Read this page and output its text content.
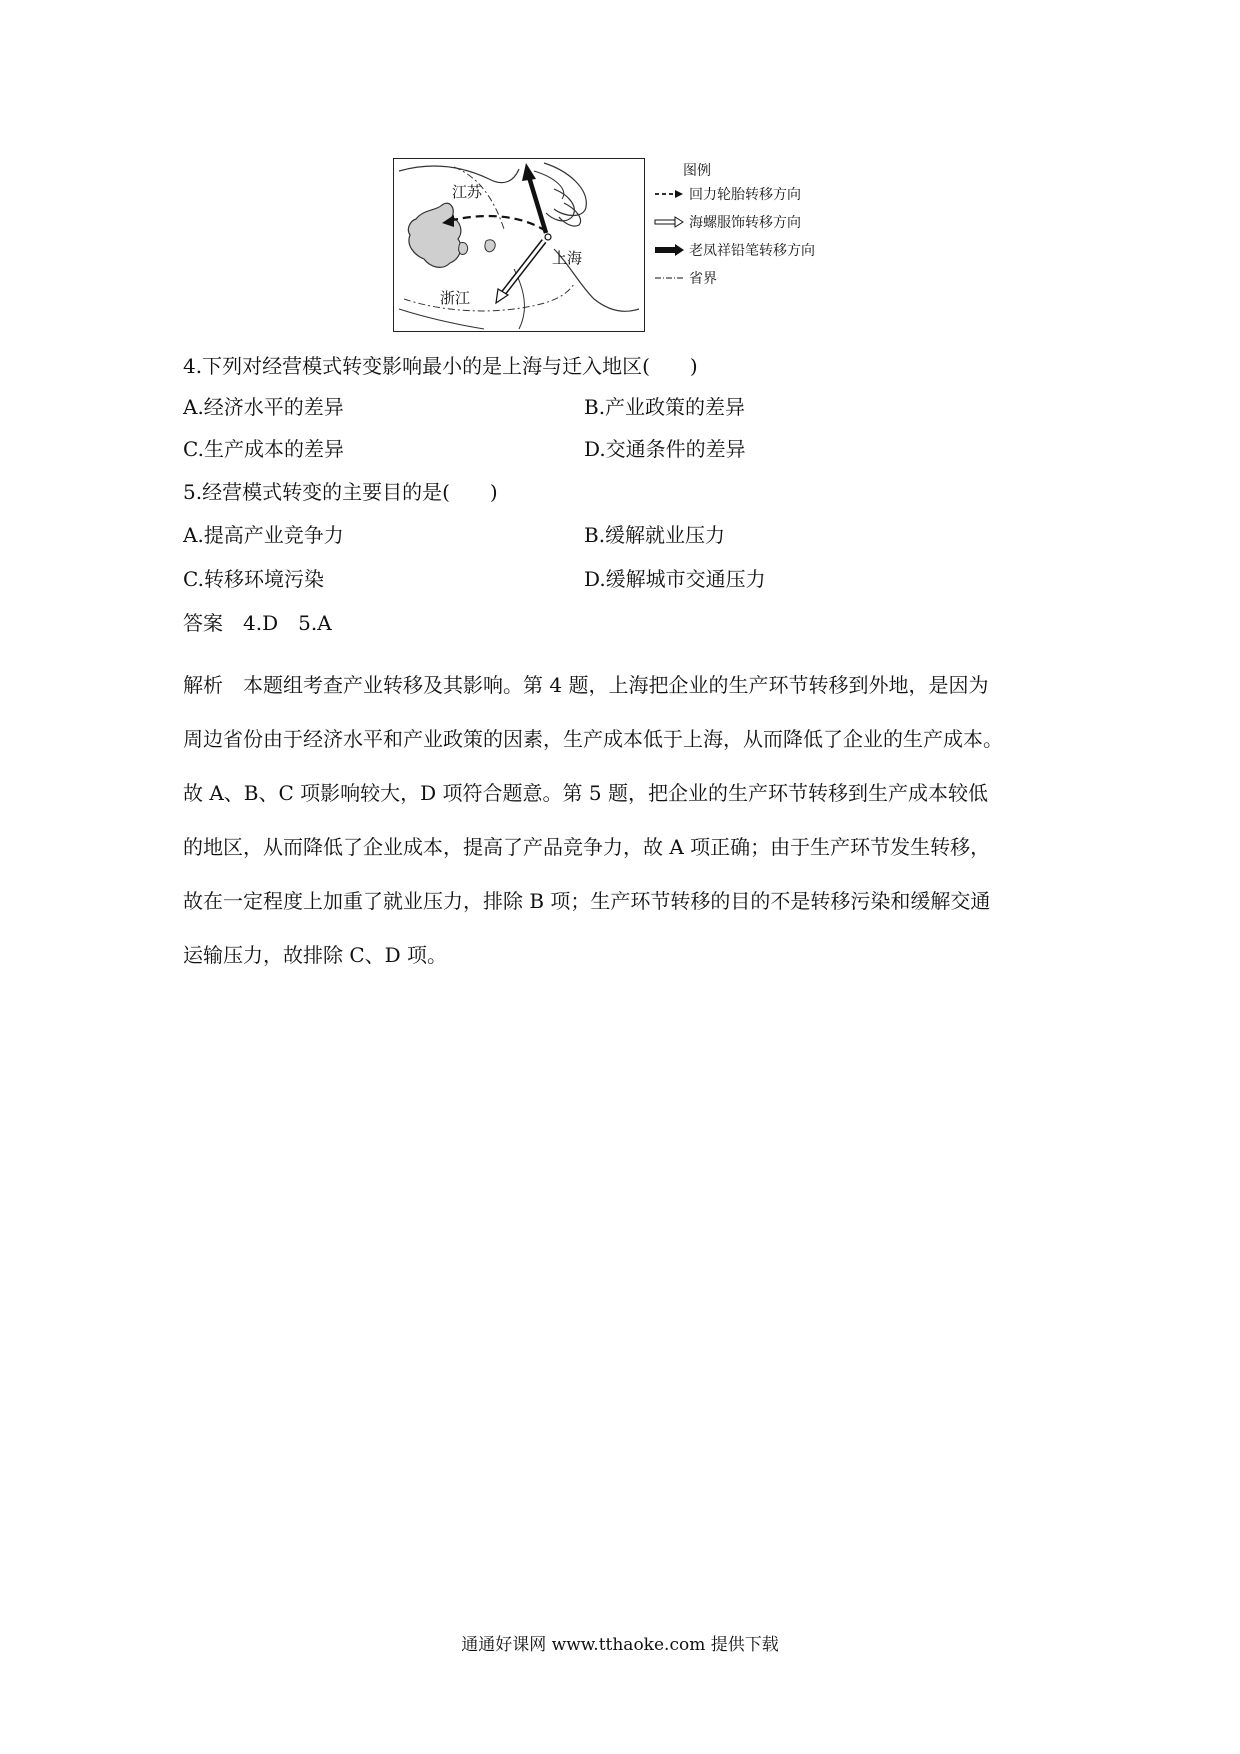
江苏
上海
浙江
图例
回力轮胎转移方向
海螺服饰转移方向
老凤祥铅笔转移方向
省界
4.下列对经营模式转变影响最小的是上海与迁入地区(　　)
A.经济水平的差异	B.产业政策的差异
C.生产成本的差异	D.交通条件的差异
5.经营模式转变的主要目的是(　　)
A.提高产业竞争力	B.缓解就业压力
C.转移环境污染	D.缓解城市交通压力
答案　4.D　5.A

解析　本题组考查产业转移及其影响。第 4 题，上海把企业的生产环节转移到外地，是因为

周边省份由于经济水平和产业政策的因素，生产成本低于上海，从而降低了企业的生产成本。

故 A、B、C 项影响较大，D 项符合题意。第 5 题，把企业的生产环节转移到生产成本较低

的地区，从而降低了企业成本，提高了产品竞争力，故 A 项正确；由于生产环节发生转移，

故在一定程度上加重了就业压力，排除 B 项；生产环节转移的目的不是转移污染和缓解交通

运输压力，故排除 C、D 项。

通通好课网 www.tthaoke.com 提供下载
